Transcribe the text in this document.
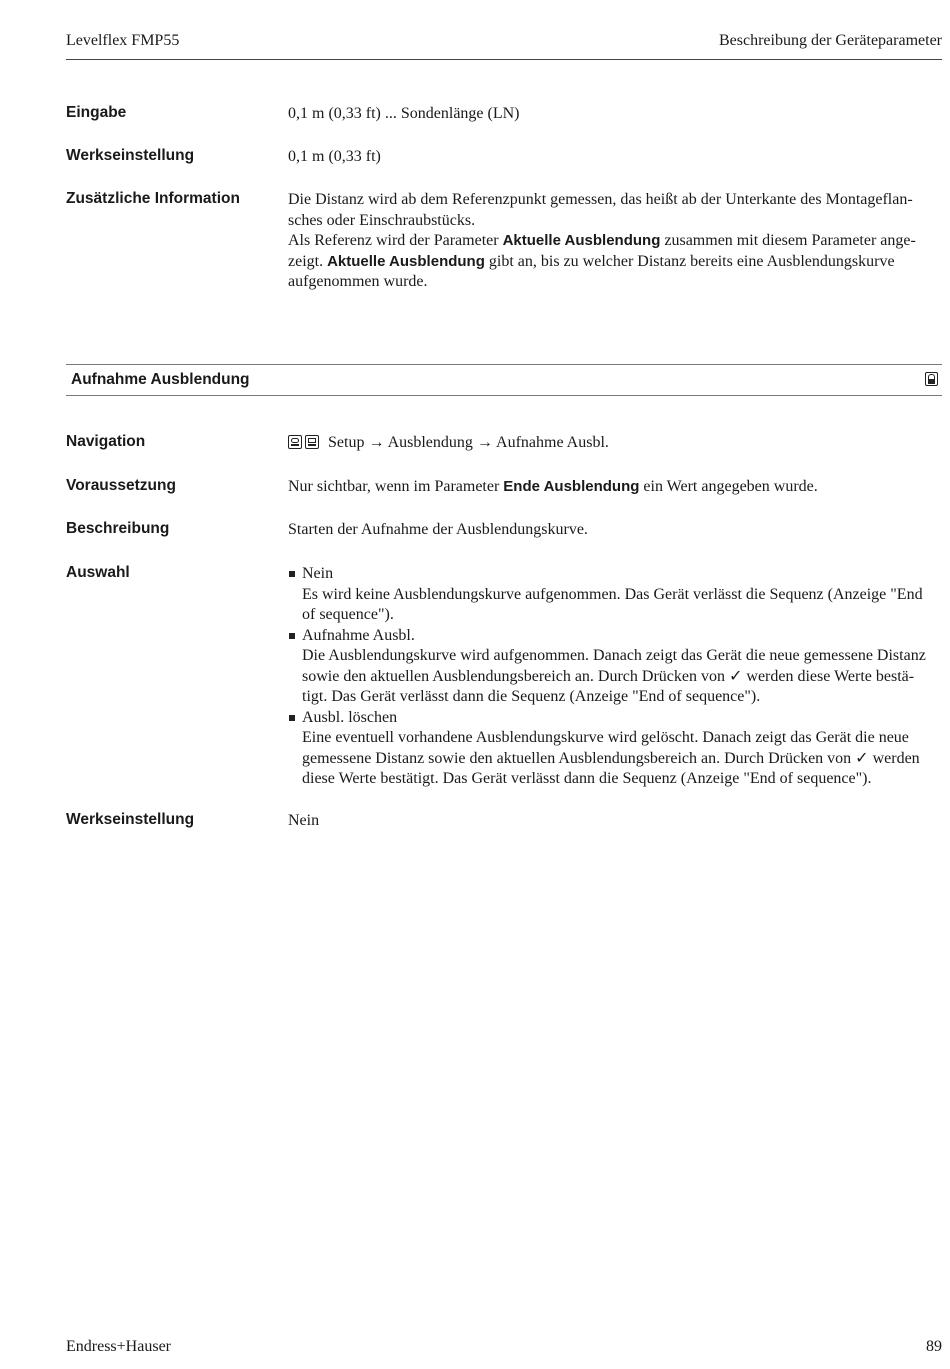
Levelflex FMP55	Beschreibung der Geräteparameter
Eingabe	0,1 m (0,33 ft) ... Sondenlänge (LN)
Werkseinstellung	0,1 m (0,33 ft)
Zusätzliche Information	Die Distanz wird ab dem Referenzpunkt gemessen, das heißt ab der Unterkante des Montageflan-
sches oder Einschraubstücks.
Als Referenz wird der Parameter Aktuelle Ausblendung zusammen mit diesem Parameter ange-
zeigt. Aktuelle Ausblendung gibt an, bis zu welcher Distanz bereits eine Ausblendungskurve
aufgenommen wurde.
Aufnahme Ausblendung
Navigation	Setup → Ausblendung → Aufnahme Ausbl.
Voraussetzung	Nur sichtbar, wenn im Parameter Ende Ausblendung ein Wert angegeben wurde.
Beschreibung	Starten der Aufnahme der Ausblendungskurve.
Auswahl	Nein
Es wird keine Ausblendungskurve aufgenommen. Das Gerät verlässt die Sequenz (Anzeige "End
of sequence").
Aufnahme Ausbl.
Die Ausblendungskurve wird aufgenommen. Danach zeigt das Gerät die neue gemessene Distanz
sowie den aktuellen Ausblendungsbereich an. Durch Drücken von ✓ werden diese Werte bestä-
tigt. Das Gerät verlässt dann die Sequenz (Anzeige "End of sequence").
Ausbl. löschen
Eine eventuell vorhandene Ausblendungskurve wird gelöscht. Danach zeigt das Gerät die neue
gemessene Distanz sowie den aktuellen Ausblendungsbereich an. Durch Drücken von ✓ werden
diese Werte bestätigt. Das Gerät verlässt dann die Sequenz (Anzeige "End of sequence").
Werkseinstellung	Nein
Endress+Hauser	89
